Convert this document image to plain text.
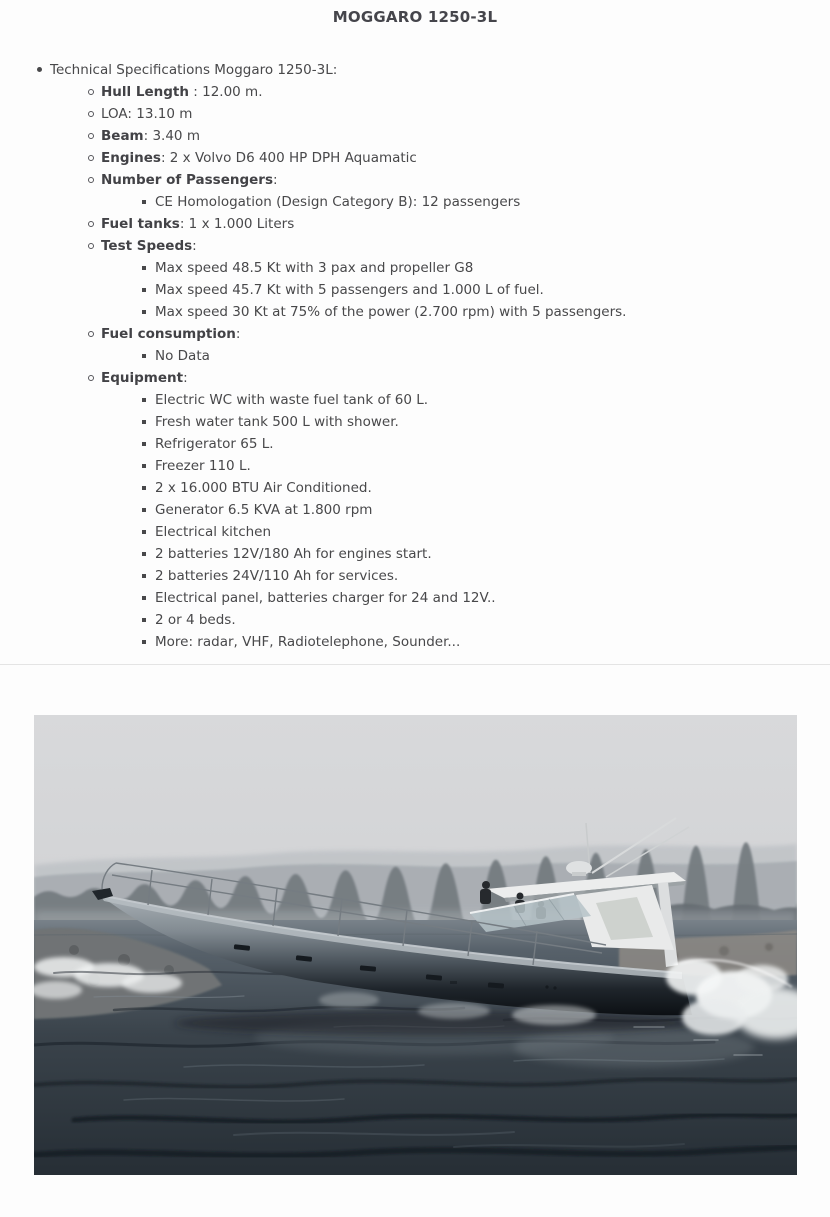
MOGGARO 1250-3L
Technical Specifications Moggaro 1250-3L:
Hull Length : 12.00 m.
LOA: 13.10 m
Beam: 3.40 m
Engines: 2 x Volvo D6 400 HP DPH Aquamatic
Number of Passengers:
CE Homologation (Design Category B): 12 passengers
Fuel tanks: 1 x 1.000 Liters
Test Speeds:
Max speed 48.5 Kt with 3 pax and propeller G8
Max speed 45.7 Kt with 5 passengers and 1.000 L of fuel.
Max speed 30 Kt at 75% of the power (2.700 rpm) with 5 passengers.
Fuel consumption:
No Data
Equipment:
Electric WC with waste fuel tank of 60 L.
Fresh water tank 500 L with shower.
Refrigerator 65 L.
Freezer 110 L.
2 x 16.000 BTU Air Conditioned.
Generator 6.5 KVA at 1.800 rpm
Electrical kitchen
2 batteries 12V/180 Ah for engines start.
2 batteries 24V/110 Ah for services.
Electrical panel, batteries charger for 24 and 12V..
2 or 4 beds.
More: radar, VHF, Radiotelephone, Sounder...
